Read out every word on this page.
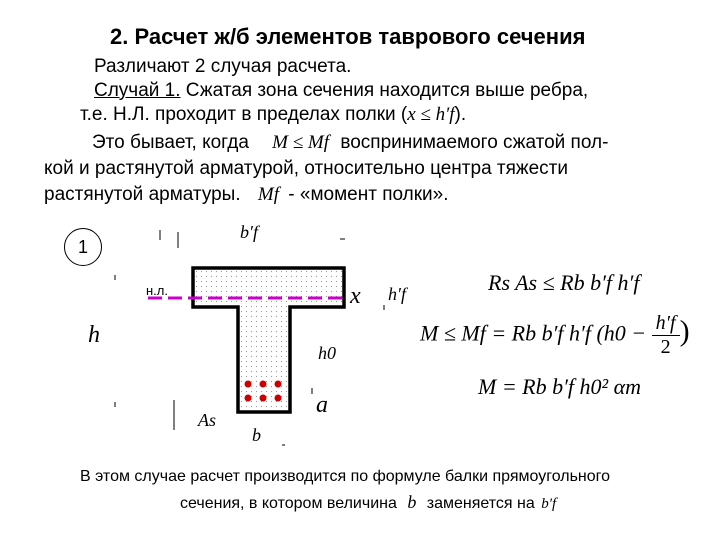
2. Расчет ж/б элементов таврового сечения
Различают 2 случая расчета.
Случай 1. Сжатая зона сечения находится выше ребра,
т.е. Н.Л. проходит в пределах полки (x ≤ h′f).
Это бывает, когда M ≤ Mf воспринимаемого сжатой пол-
кой и растянутой арматурой, относительно центра тяжести
растянутой арматуры. Mf - «момент полки».
1
н.л.
b′f
h′f
x
h
h0
a
As
b
Rs As ≤ Rb b′f h′f
M ≤ Mf = Rb b′f h′f ($h0 - \frac{h'f}{2}$ )
M = Rb b′f h0² αm
В этом случае расчет производится по формуле балки прямоугольного
сечения, в котором величина b заменяется на b′f
